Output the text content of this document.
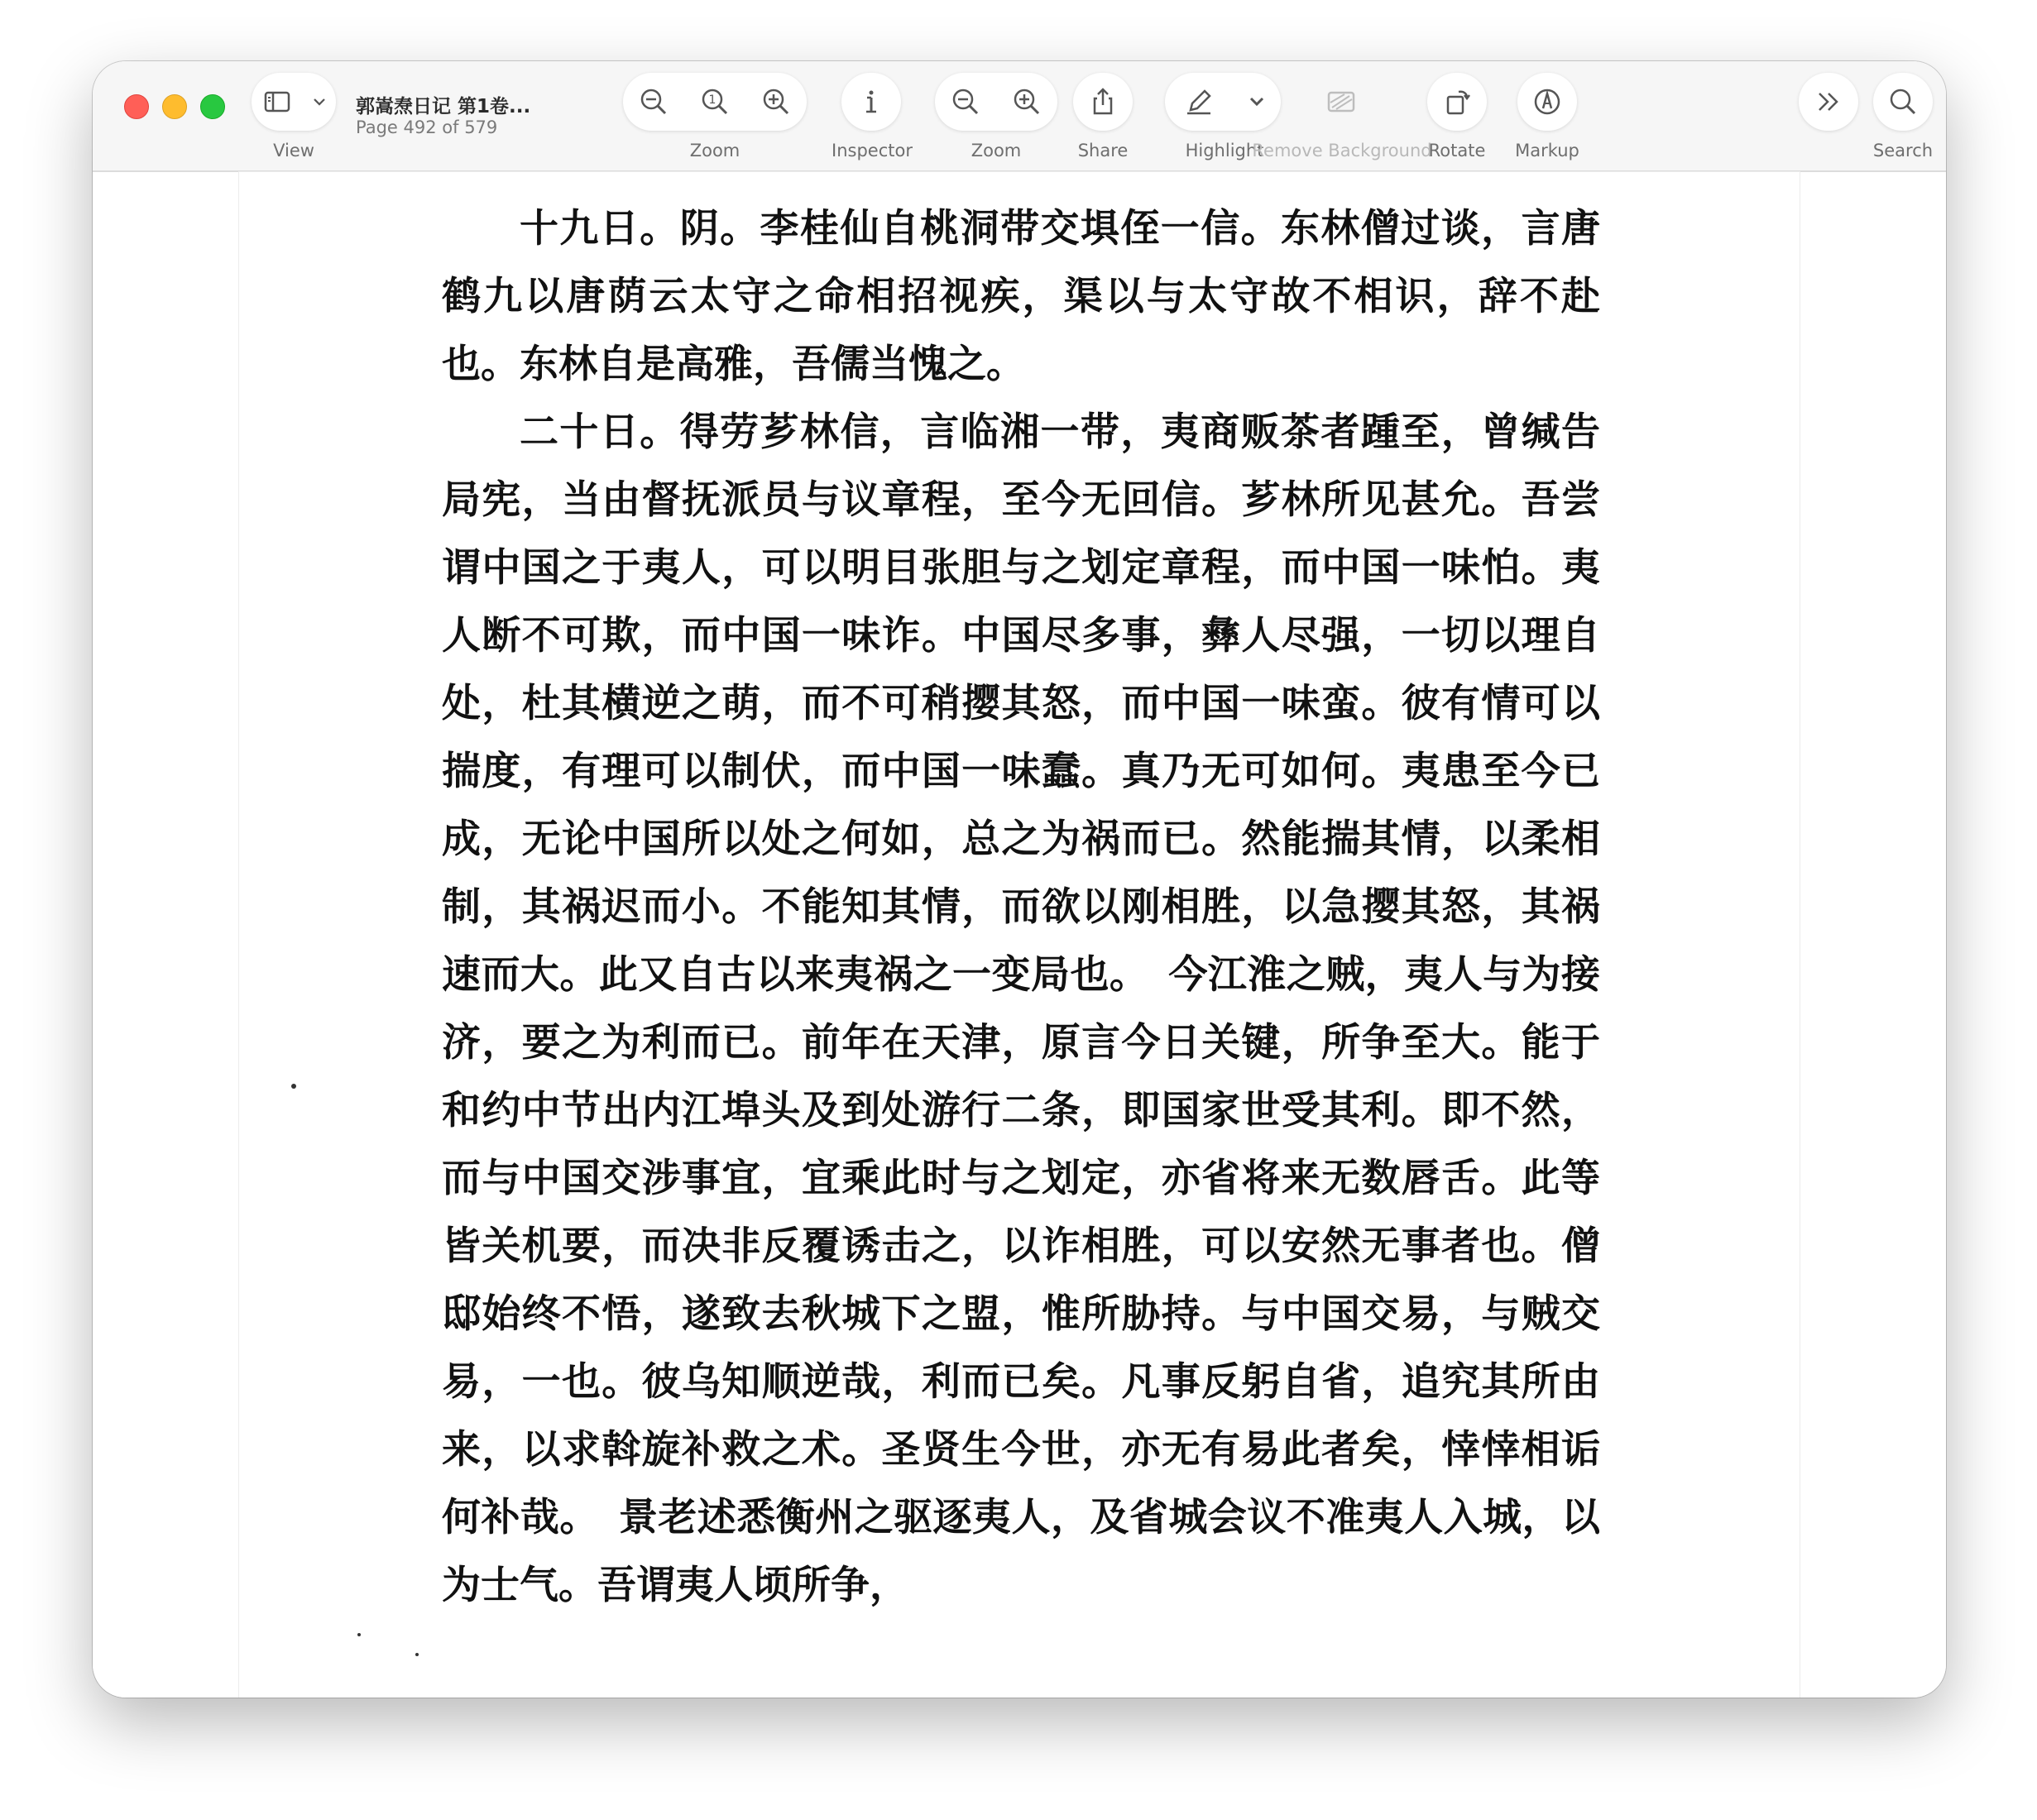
View
郭嵩焘日记 第1卷...
Page 492 of 579
1
Zoom	Inspector	Zoom	Share	Highlight
Remove Background
Rotate Markup	Search

十九日。阴。李桂仙自桃洞带交埧侄一信。东林僧过谈，言唐鹤九以唐荫云太守之命相招视疾，渠以与太守故不相识，辞不赴也。东林自是高雅，吾儒当愧之。

二十日。得劳芗林信，言临湘一带，夷商贩茶者踵至，曾缄告局宪，当由督抚派员与议章程，至今无回信。芗林所见甚允。吾尝谓中国之于夷人，可以明目张胆与之划定章程，而中国一味怕。夷人断不可欺，而中国一味诈。中国尽多事，彝人尽强，一切以理自处，杜其横逆之萌，而不可稍撄其怒，而中国一味蛮。彼有情可以揣度，有理可以制伏，而中国一味蠢。真乃无可如何。夷患至今已成，无论中国所以处之何如，总之为祸而已。然能揣其情，以柔相制，其祸迟而小。不能知其情，而欲以刚相胜，以急撄其怒，其祸速而大。此又自古以来夷祸之一变局也。　今江淮之贼，夷人与为接济，要之为利而已。前年在天津，原言今日关键，所争至大。能于和约中节出内江埠头及到处游行二条，即国家世受其利。即不然，而与中国交涉事宜，宜乘此时与之划定，亦省将来无数唇舌。此等皆关机要，而决非反覆诱击之，以诈相胜，可以安然无事者也。僧邸始终不悟，遂致去秋城下之盟，惟所胁持。与中国交易，与贼交易，一也。彼乌知顺逆哉，利而已矣。凡事反躬自省，追究其所由来，以求斡旋补救之术。圣贤生今世，亦无有易此者矣，悻悻相诟何补哉。　景老述悉衡州之驱逐夷人，及省城会议不准夷人入城，以为士气。吾谓夷人顷所争，
